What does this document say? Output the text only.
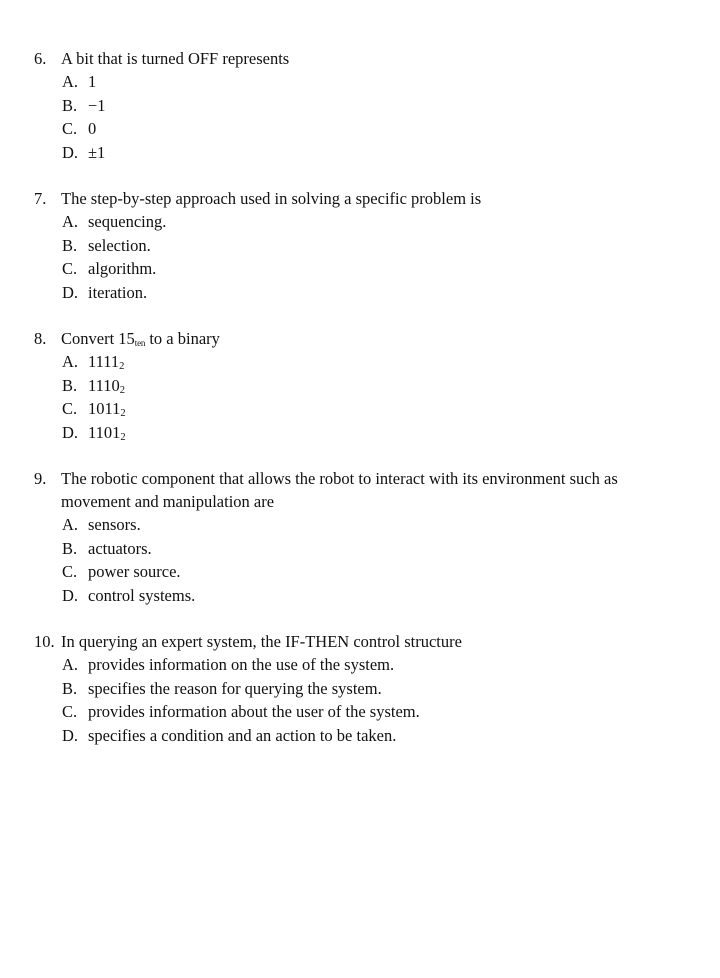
6. A bit that is turned OFF represents
A. 1
B. −1
C. 0
D. ±1
7. The step-by-step approach used in solving a specific problem is
A. sequencing.
B. selection.
C. algorithm.
D. iteration.
8. Convert $15_{ten}$ to a binary
A. $1111_2$
B. $1110_2$
C. $1011_2$
D. $1101_2$
9. The robotic component that allows the robot to interact with its environment such as
movement and manipulation are
A. sensors.
B. actuators.
C. power source.
D. control systems.
10. In querying an expert system, the IF-THEN control structure
A. provides information on the use of the system.
B. specifies the reason for querying the system.
C. provides information about the user of the system.
D. specifies a condition and an action to be taken.
